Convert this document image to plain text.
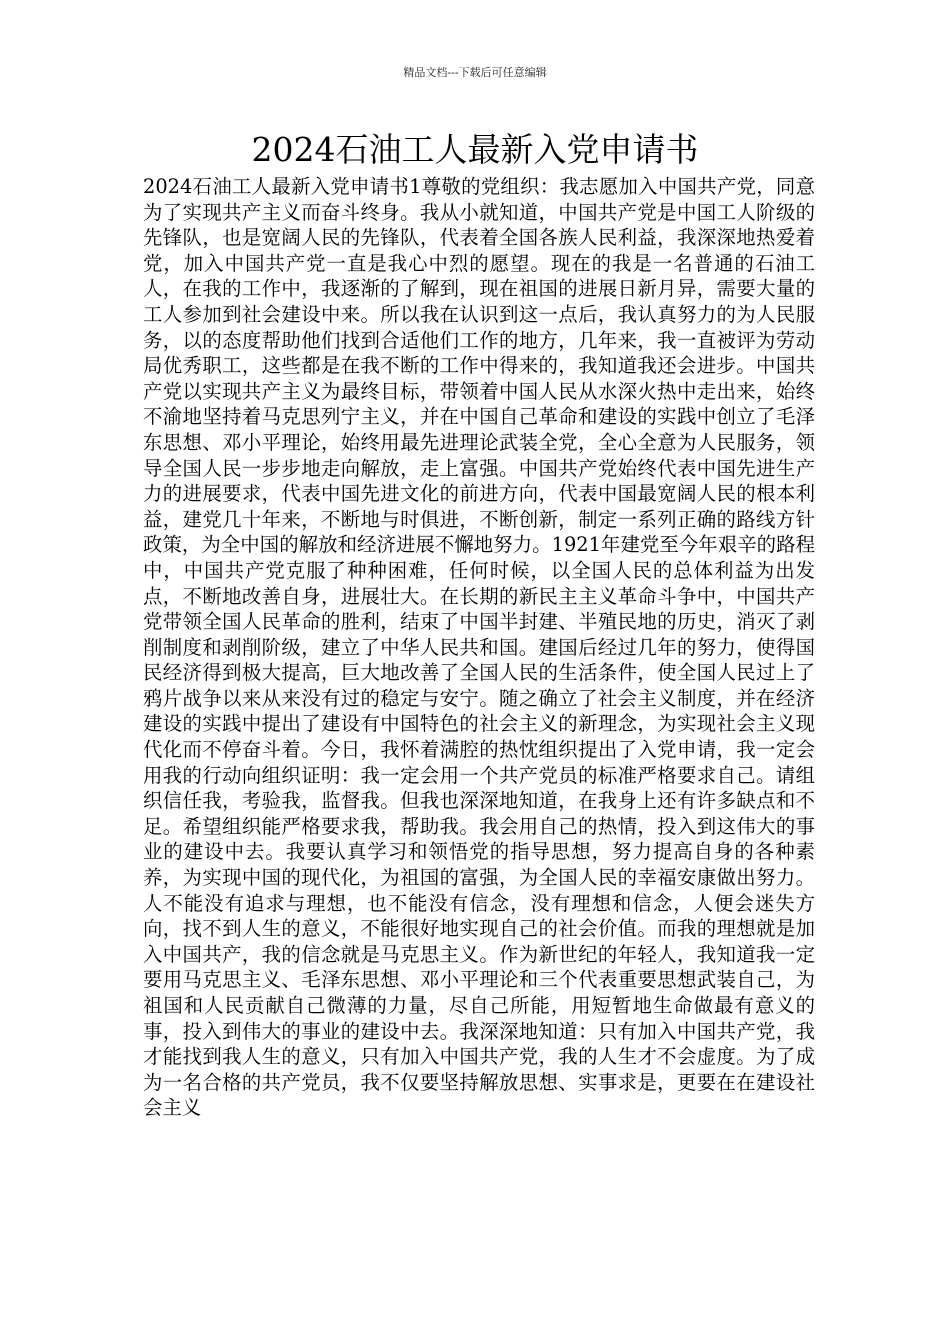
精品文档---下载后可任意编辑
2024石油工人最新入党申请书

2024石油工人最新入党申请书1尊敬的党组织：我志愿加入中国共产党，同意为了实现共产主义而奋斗终身。我从小就知道，中国共产党是中国工人阶级的先锋队，也是宽阔人民的先锋队，代表着全国各族人民利益，我深深地热爱着党，加入中国共产党一直是我心中烈的愿望。现在的我是一名普通的石油工人，在我的工作中，我逐渐的了解到，现在祖国的进展日新月异，需要大量的工人参加到社会建设中来。所以我在认识到这一点后，我认真努力的为人民服务，以的态度帮助他们找到合适他们工作的地方，几年来，我一直被评为劳动局优秀职工，这些都是在我不断的工作中得来的，我知道我还会进步。中国共产党以实现共产主义为最终目标，带领着中国人民从水深火热中走出来，始终不渝地坚持着马克思列宁主义，并在中国自己革命和建设的实践中创立了毛泽东思想、邓小平理论，始终用最先进理论武装全党，全心全意为人民服务，领导全国人民一步步地走向解放，走上富强。中国共产党始终代表中国先进生产力的进展要求，代表中国先进文化的前进方向，代表中国最宽阔人民的根本利益，建党几十年来，不断地与时俱进，不断创新，制定一系列正确的路线方针政策，为全中国的解放和经济进展不懈地努力。1921年建党至今年艰辛的路程中，中国共产党克服了种种困难，任何时候，以全国人民的总体利益为出发点，不断地改善自身，进展壮大。在长期的新民主主义革命斗争中，中国共产党带领全国人民革命的胜利，结束了中国半封建、半殖民地的历史，消灭了剥削制度和剥削阶级，建立了中华人民共和国。建国后经过几年的努力，使得国民经济得到极大提高，巨大地改善了全国人民的生活条件，使全国人民过上了鸦片战争以来从来没有过的稳定与安宁。随之确立了社会主义制度，并在经济建设的实践中提出了建设有中国特色的社会主义的新理念，为实现社会主义现代化而不停奋斗着。今日，我怀着满腔的热忱组织提出了入党申请，我一定会用我的行动向组织证明：我一定会用一个共产党员的标准严格要求自己。请组织信任我，考验我，监督我。但我也深深地知道，在我身上还有许多缺点和不足。希望组织能严格要求我，帮助我。我会用自己的热情，投入到这伟大的事业的建设中去。我要认真学习和领悟党的指导思想，努力提高自身的各种素养，为实现中国的现代化，为祖国的富强，为全国人民的幸福安康做出努力。人不能没有追求与理想，也不能没有信念，没有理想和信念，人便会迷失方向，找不到人生的意义，不能很好地实现自己的社会价值。而我的理想就是加入中国共产，我的信念就是马克思主义。作为新世纪的年轻人，我知道我一定要用马克思主义、毛泽东思想、邓小平理论和三个代表重要思想武装自己，为祖国和人民贡献自己微薄的力量，尽自己所能，用短暂地生命做最有意义的事，投入到伟大的事业的建设中去。我深深地知道：只有加入中国共产党，我才能找到我人生的意义，只有加入中国共产党，我的人生才不会虚度。为了成为一名合格的共产党员，我不仅要坚持解放思想、实事求是，更要在在建设社会主义
